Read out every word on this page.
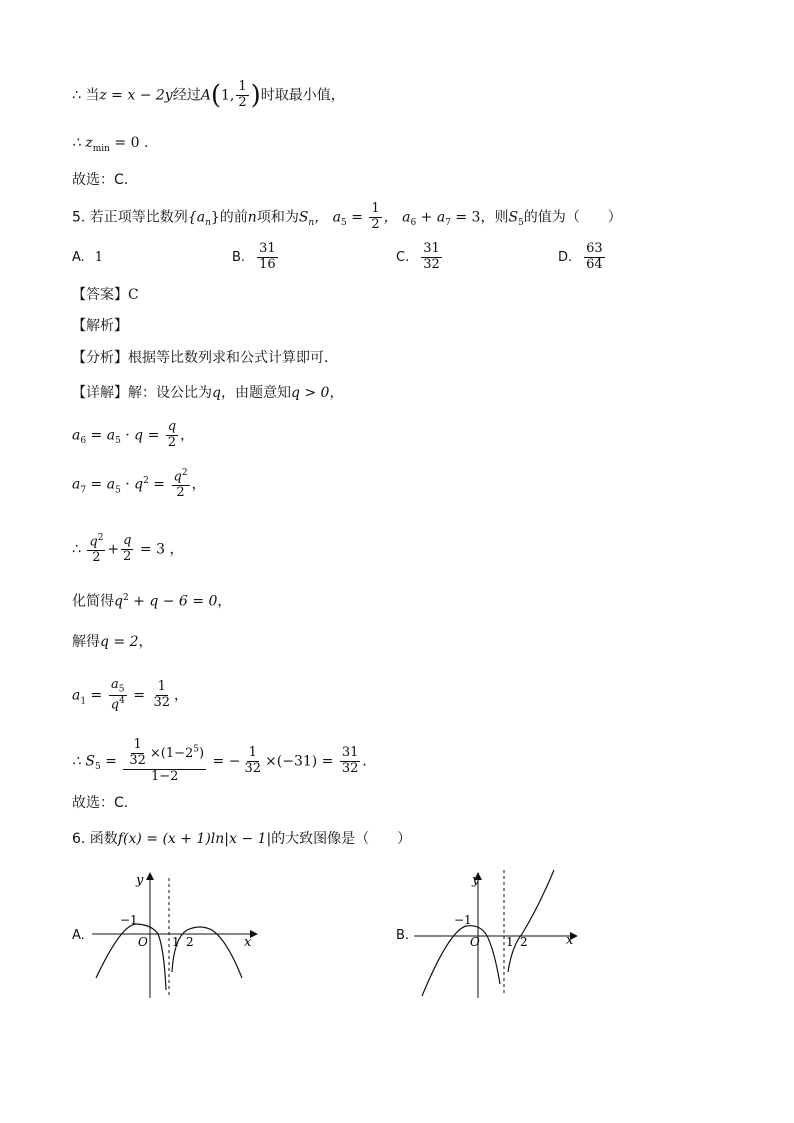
∴ 当z = x − 2y经过A(1, $\frac{1}{2}$ )时取最小值，
∴ $z_{min} = 0$ .
故选：C.
5. 若正项等比数列$\{a_n\}$的前n项和为$S_n$， $a_5 = \frac{1}{2}$ ， $a_6 + a_7 = 3$，则$S_5$的值为（　　）
A. 1	B. $\frac{31}{16}$	C. $\frac{31}{32}$	D. $\frac{63}{64}$
【答案】C
【解析】
【分析】根据等比数列求和公式计算即可．
【详解】解：设公比为q，由题意知q > 0，
$a_6 = a_5 \cdot q = \frac{q}{2}$ ，
$a_7 = a_5 \cdot q^2 = \frac{q^2}{2}$ ，
∴ $\frac{q^2}{2} + \frac{q}{2} = 3$ ，
化简得$q^2 + q - 6 = 0$，
解得q = 2，
$a_1 = \frac{a_5}{q^4} = \frac{1}{32}$ ，
∴ $S_5 = \frac{\frac{1}{32} \times(1-2^5)}{1-2}$ = − $\frac{1}{32} \times(-31) = \frac{31}{32}$ ．
故选：C.
6. 函数f(x) = (x + 1)ln|x − 1|的大致图像是（　　）
A.
y
x
O
−1
1 2	B.
y
x
O
−1
1 2
